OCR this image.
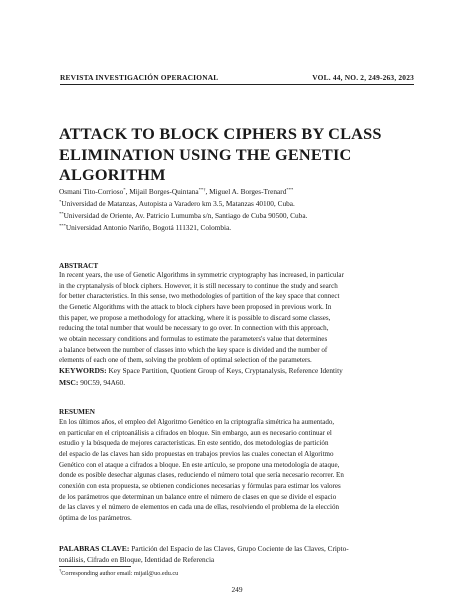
REVISTA INVESTIGACIÓN OPERACIONAL	VOL. 44, NO. 2, 249-263, 2023
ATTACK TO BLOCK CIPHERS BY CLASS
ELIMINATION USING THE GENETIC
ALGORITHM

Osmani Tito-Corrioso*, Mijail Borges-Quintana**†, Miguel A. Borges-Trenard***

*Universidad de Matanzas, Autopista a Varadero km 3.5, Matanzas 40100, Cuba.

**Universidad de Oriente, Av. Patricio Lumumba s/n, Santiago de Cuba 90500, Cuba.

***Universidad Antonio Nariño, Bogotá 111321, Colombia.

ABSTRACT
In recent years, the use of Genetic Algorithms in symmetric cryptography has increased, in particular
in the cryptanalysis of block ciphers. However, it is still necessary to continue the study and search
for better characteristics. In this sense, two methodologies of partition of the key space that connect
the Genetic Algorithms with the attack to block ciphers have been proposed in previous work. In
this paper, we propose a methodology for attacking, where it is possible to discard some classes,
reducing the total number that would be necessary to go over. In connection with this approach,
we obtain necessary conditions and formulas to estimate the parameters's value that determines
a balance between the number of classes into which the key space is divided and the number of
elements of each one of them, solving the problem of optimal selection of the parameters.

KEYWORDS: Key Space Partition, Quotient Group of Keys, Cryptanalysis, Reference Identity

MSC: 90C59, 94A60.

RESUMEN
En los últimos años, el empleo del Algoritmo Genético en la criptografía simétrica ha aumentado,
en particular en el criptoanálisis a cifrados en bloque. Sin embargo, aun es necesario continuar el
estudio y la búsqueda de mejores características. En este sentido, dos metodologías de partición
del espacio de las claves han sido propuestas en trabajos previos las cuales conectan el Algoritmo
Genético con el ataque a cifrados a bloque. En este artículo, se propone una metodología de ataque,
donde es posible desechar algunas clases, reduciendo el número total que sería necesario recorrer. En
conexión con esta propuesta, se obtienen condiciones necesarias y fórmulas para estimar los valores
de los parámetros que determinan un balance entre el número de clases en que se divide el espacio
de las claves y el número de elementos en cada una de ellas, resolviendo el problema de la elección
óptima de los parámetros.

PALABRAS CLAVE: Partición del Espacio de las Claves, Grupo Cociente de las Claves, Cripto-

tonálisis, Cifrado en Bloque, Identidad de Referencia

†Corresponding author email: mijail@uo.edu.cu

249
